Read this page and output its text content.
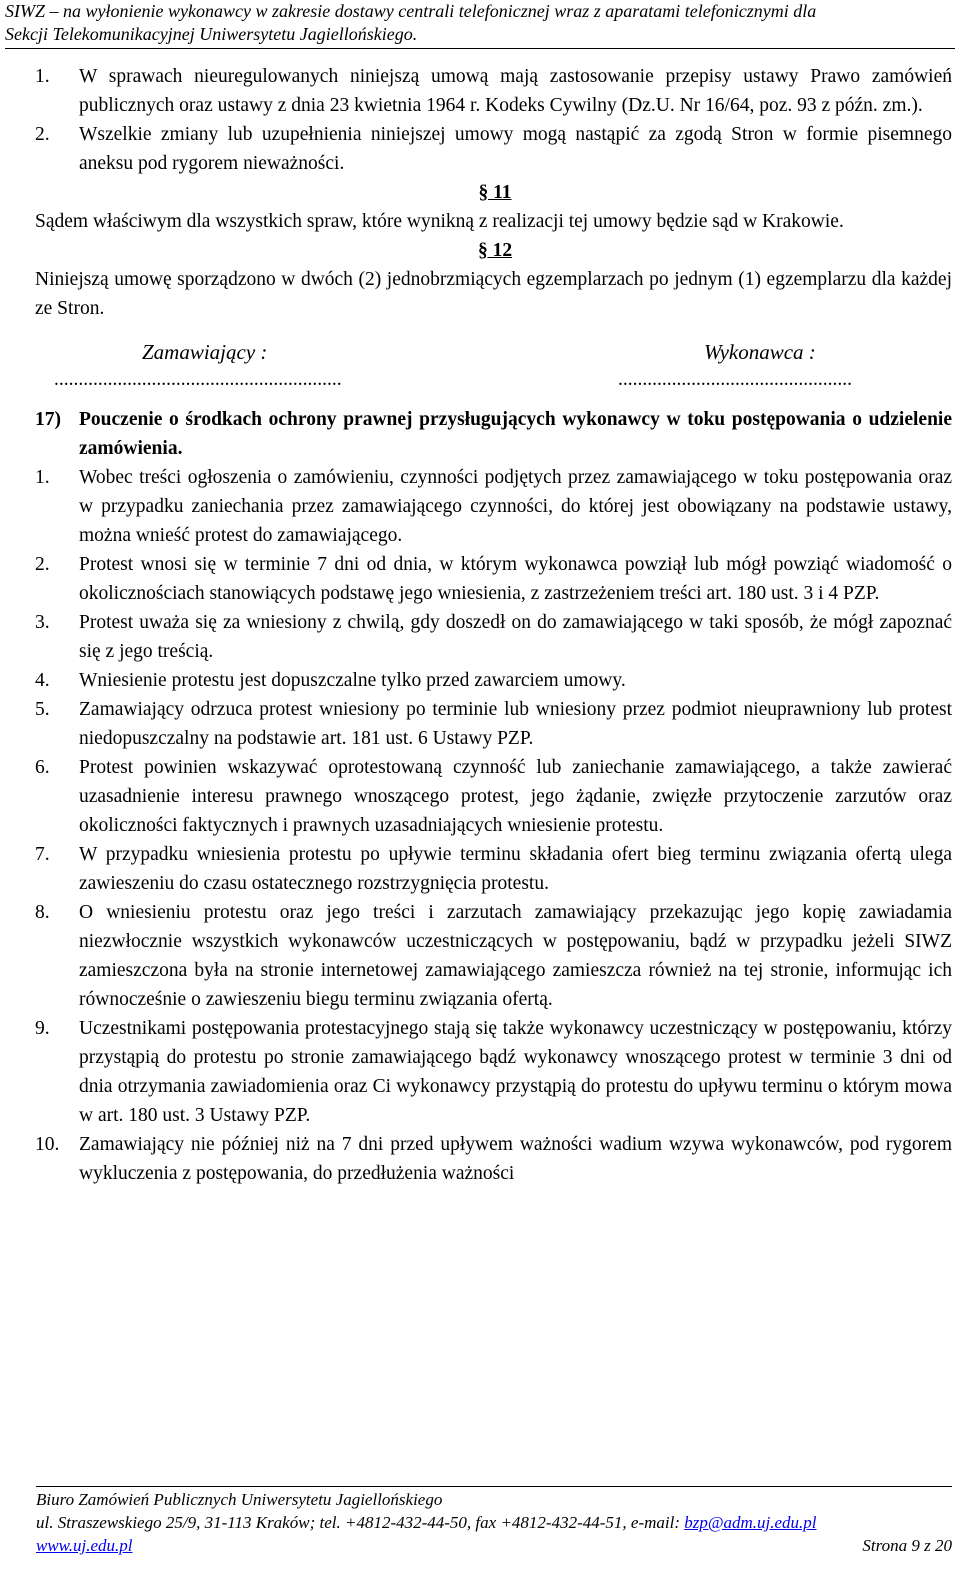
SIWZ – na wyłonienie wykonawcy w zakresie dostawy centrali telefonicznej wraz z aparatami telefonicznymi dla
Sekcji Telekomunikacyjnej Uniwersytetu Jagiellońskiego.
1.	W sprawach nieuregulowanych niniejszą umową mają zastosowanie przepisy ustawy Prawo zamówień publicznych oraz ustawy z dnia 23 kwietnia 1964 r. Kodeks Cywilny (Dz.U. Nr 16/64, poz. 93 z późn. zm.).
2.	Wszelkie zmiany lub uzupełnienia niniejszej umowy mogą nastąpić za zgodą Stron w formie pisemnego aneksu pod rygorem nieważności.
§ 11
Sądem właściwym dla wszystkich spraw, które wynikną z realizacji tej umowy będzie sąd w Krakowie.
§ 12
Niniejszą umowę sporządzono w dwóch (2) jednobrzmiących egzemplarzach po jednym (1) egzemplarzu dla każdej ze Stron.
Zamawiający :
...........................................................
Wykonawca :
................................................
17) Pouczenie o środkach ochrony prawnej przysługujących wykonawcy w toku postępowania o udzielenie zamówienia.
1.	Wobec treści ogłoszenia o zamówieniu, czynności podjętych przez zamawiającego w toku postępowania oraz w przypadku zaniechania przez zamawiającego czynności, do której jest obowiązany na podstawie ustawy, można wnieść protest do zamawiającego.
2.	Protest wnosi się w terminie 7 dni od dnia, w którym wykonawca powziął lub mógł powziąć wiadomość o okolicznościach stanowiących podstawę jego wniesienia, z zastrzeżeniem treści art. 180 ust. 3 i 4 PZP.
3.	Protest uważa się za wniesiony z chwilą, gdy doszedł on do zamawiającego w taki sposób, że mógł zapoznać się z jego treścią.
4.	Wniesienie protestu jest dopuszczalne tylko przed zawarciem umowy.
5.	Zamawiający odrzuca protest wniesiony po terminie lub wniesiony przez podmiot nieuprawniony lub protest niedopuszczalny na podstawie art. 181 ust. 6 Ustawy PZP.
6.	Protest powinien wskazywać oprotestowaną czynność lub zaniechanie zamawiającego, a także zawierać uzasadnienie interesu prawnego wnoszącego protest, jego żądanie, zwięzłe przytoczenie zarzutów oraz okoliczności faktycznych i prawnych uzasadniających wniesienie protestu.
7.	W przypadku wniesienia protestu po upływie terminu składania ofert bieg terminu związania ofertą ulega zawieszeniu do czasu ostatecznego rozstrzygnięcia protestu.
8.	O wniesieniu protestu oraz jego treści i zarzutach zamawiający przekazując jego kopię zawiadamia niezwłocznie wszystkich wykonawców uczestniczących w postępowaniu, bądź w przypadku jeżeli SIWZ zamieszczona była na stronie internetowej zamawiającego zamieszcza również na tej stronie, informując ich równocześnie o zawieszeniu biegu terminu związania ofertą.
9.	Uczestnikami postępowania protestacyjnego stają się także wykonawcy uczestniczący w postępowaniu, którzy przystąpią do protestu po stronie zamawiającego bądź wykonawcy wnoszącego protest w terminie 3 dni od dnia otrzymania zawiadomienia oraz Ci wykonawcy przystąpią do protestu do upływu terminu o którym mowa w art. 180 ust. 3 Ustawy PZP.
10.	Zamawiający nie później niż na 7 dni przed upływem ważności wadium wzywa wykonawców, pod rygorem wykluczenia z postępowania, do przedłużenia ważności
Biuro Zamówień Publicznych Uniwersytetu Jagiellońskiego
ul. Straszewskiego 25/9, 31-113 Kraków; tel. +4812-432-44-50, fax +4812-432-44-51, e-mail: bzp@adm.uj.edu.pl
www.uj.edu.pl	Strona 9 z 20
